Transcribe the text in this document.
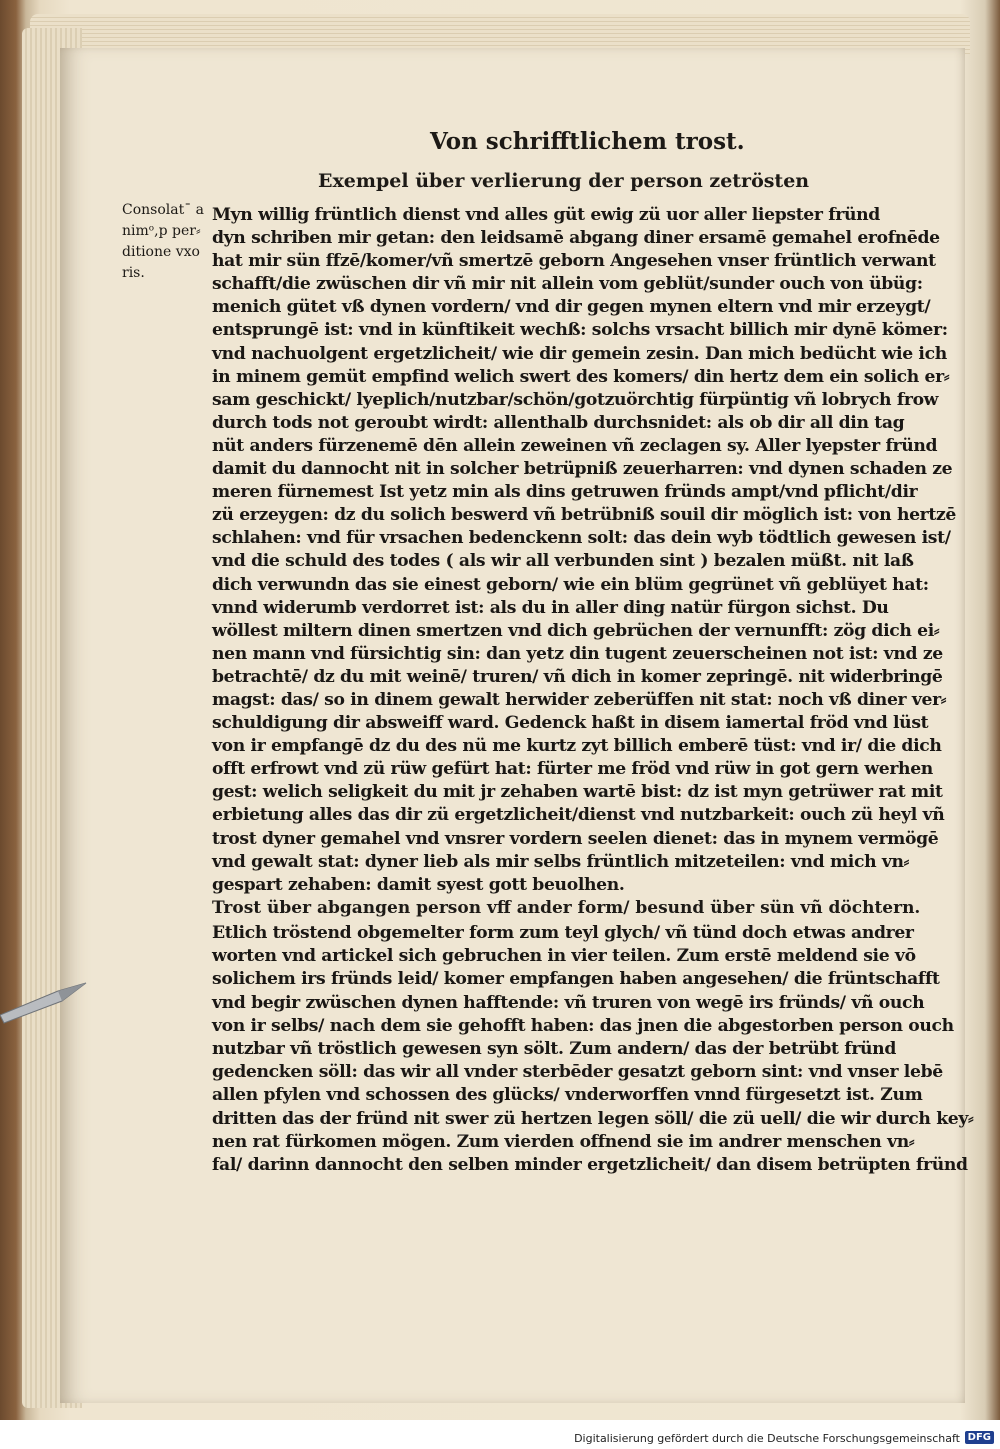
Von schrifftlichem trost.
Exempel über verlierung der person zetrösten
Consolatˉ a
nimᵒ,p per⸗
ditione vxo
ris.
Myn willig früntlich dienst vnd alles güt ewig zü uor aller liepster fründ
dyn schriben mir getan: den leidsamē abgang diner ersamē gemahel erofnēde
hat mir sün ffzē/komer/vñ smertzē geborn Angesehen vnser früntlich verwant
schafft/die zwüschen dir vñ mir nit allein vom geblüt/sunder ouch von übüg:
menich gütet vß dynen vordern/ vnd dir gegen mynen eltern vnd mir erzeygt/
entsprungē ist: vnd in künftikeit wechß: solchs vrsacht billich mir dynē kömer:
vnd nachuolgent ergetzlicheit/ wie dir gemein zesin. Dan mich bedücht wie ich
in minem gemüt empfind welich swert des komers/ din hertz dem ein solich er⸗
sam geschickt/ lyeplich/nutzbar/schön/gotzuörchtig fürpüntig vñ lobrych frow
durch tods not geroubt wirdt: allenthalb durchsnidet: als ob dir all din tag
nüt anders fürzenemē dēn allein zeweinen vñ zeclagen sy. Aller lyepster fründ
damit du dannocht nit in solcher betrüpniß zeuerharren: vnd dynen schaden ze
meren fürnemest Ist yetz min als dins getruwen fründs ampt/vnd pflicht/dir
zü erzeygen: dz du solich beswerd vñ betrübniß souil dir möglich ist: von hertzē
schlahen: vnd für vrsachen bedenckenn solt: das dein wyb tödtlich gewesen ist/
vnd die schuld des todes ( als wir all verbunden sint ) bezalen müßt. nit laß
dich verwundn das sie einest geborn/ wie ein blüm gegrünet vñ geblüyet hat:
vnnd widerumb verdorret ist: als du in aller ding natür fürgon sichst. Du
wöllest miltern dinen smertzen vnd dich gebrüchen der vernunfft: zög dich ei⸗
nen mann vnd fürsichtig sin: dan yetz din tugent zeuerscheinen not ist: vnd ze
betrachtē/ dz du mit weinē/ truren/ vñ dich in komer zepringē. nit widerbringē
magst: das/ so in dinem gewalt herwider zeberüffen nit stat: noch vß diner ver⸗
schuldigung dir absweiff ward. Gedenck haßt in disem iamertal fröd vnd lüst
von ir empfangē dz du des nü me kurtz zyt billich emberē tüst: vnd ir/ die dich
offt erfrowt vnd zü rüw gefürt hat: fürter me fröd vnd rüw in got gern werhen
gest: welich seligkeit du mit jr zehaben wartē bist: dz ist myn getrüwer rat mit
erbietung alles das dir zü ergetzlicheit/dienst vnd nutzbarkeit: ouch zü heyl vñ
trost dyner gemahel vnd vnsrer vordern seelen dienet: das in mynem vermögē
vnd gewalt stat: dyner lieb als mir selbs früntlich mitzeteilen: vnd mich vn⸗
gespart zehaben: damit syest gott beuolhen.
Trost über abgangen person vff ander form/ besund über sün vñ döchtern.
Etlich tröstend obgemelter form zum teyl glych/ vñ tünd doch etwas andrer
worten vnd artickel sich gebruchen in vier teilen. Zum erstē meldend sie vō
solichem irs fründs leid/ komer empfangen haben angesehen/ die früntschafft
vnd begir zwüschen dynen hafftende: vñ truren von wegē irs fründs/ vñ ouch
von ir selbs/ nach dem sie gehofft haben: das jnen die abgestorben person ouch
nutzbar vñ tröstlich gewesen syn sölt. Zum andern/ das der betrübt fründ
gedencken söll: das wir all vnder sterbēder gesatzt geborn sint: vnd vnser lebē
allen pfylen vnd schossen des glücks/ vnderworffen vnnd fürgesetzt ist. Zum
dritten das der fründ nit swer zü hertzen legen söll/ die zü uell/ die wir durch key⸗
nen rat fürkomen mögen. Zum vierden offnend sie im andrer menschen vn⸗
fal/ darinn dannocht den selben minder ergetzlicheit/ dan disem betrüpten fründ
Digitalisierung gefördert durch die Deutsche Forschungsgemeinschaft DFG
